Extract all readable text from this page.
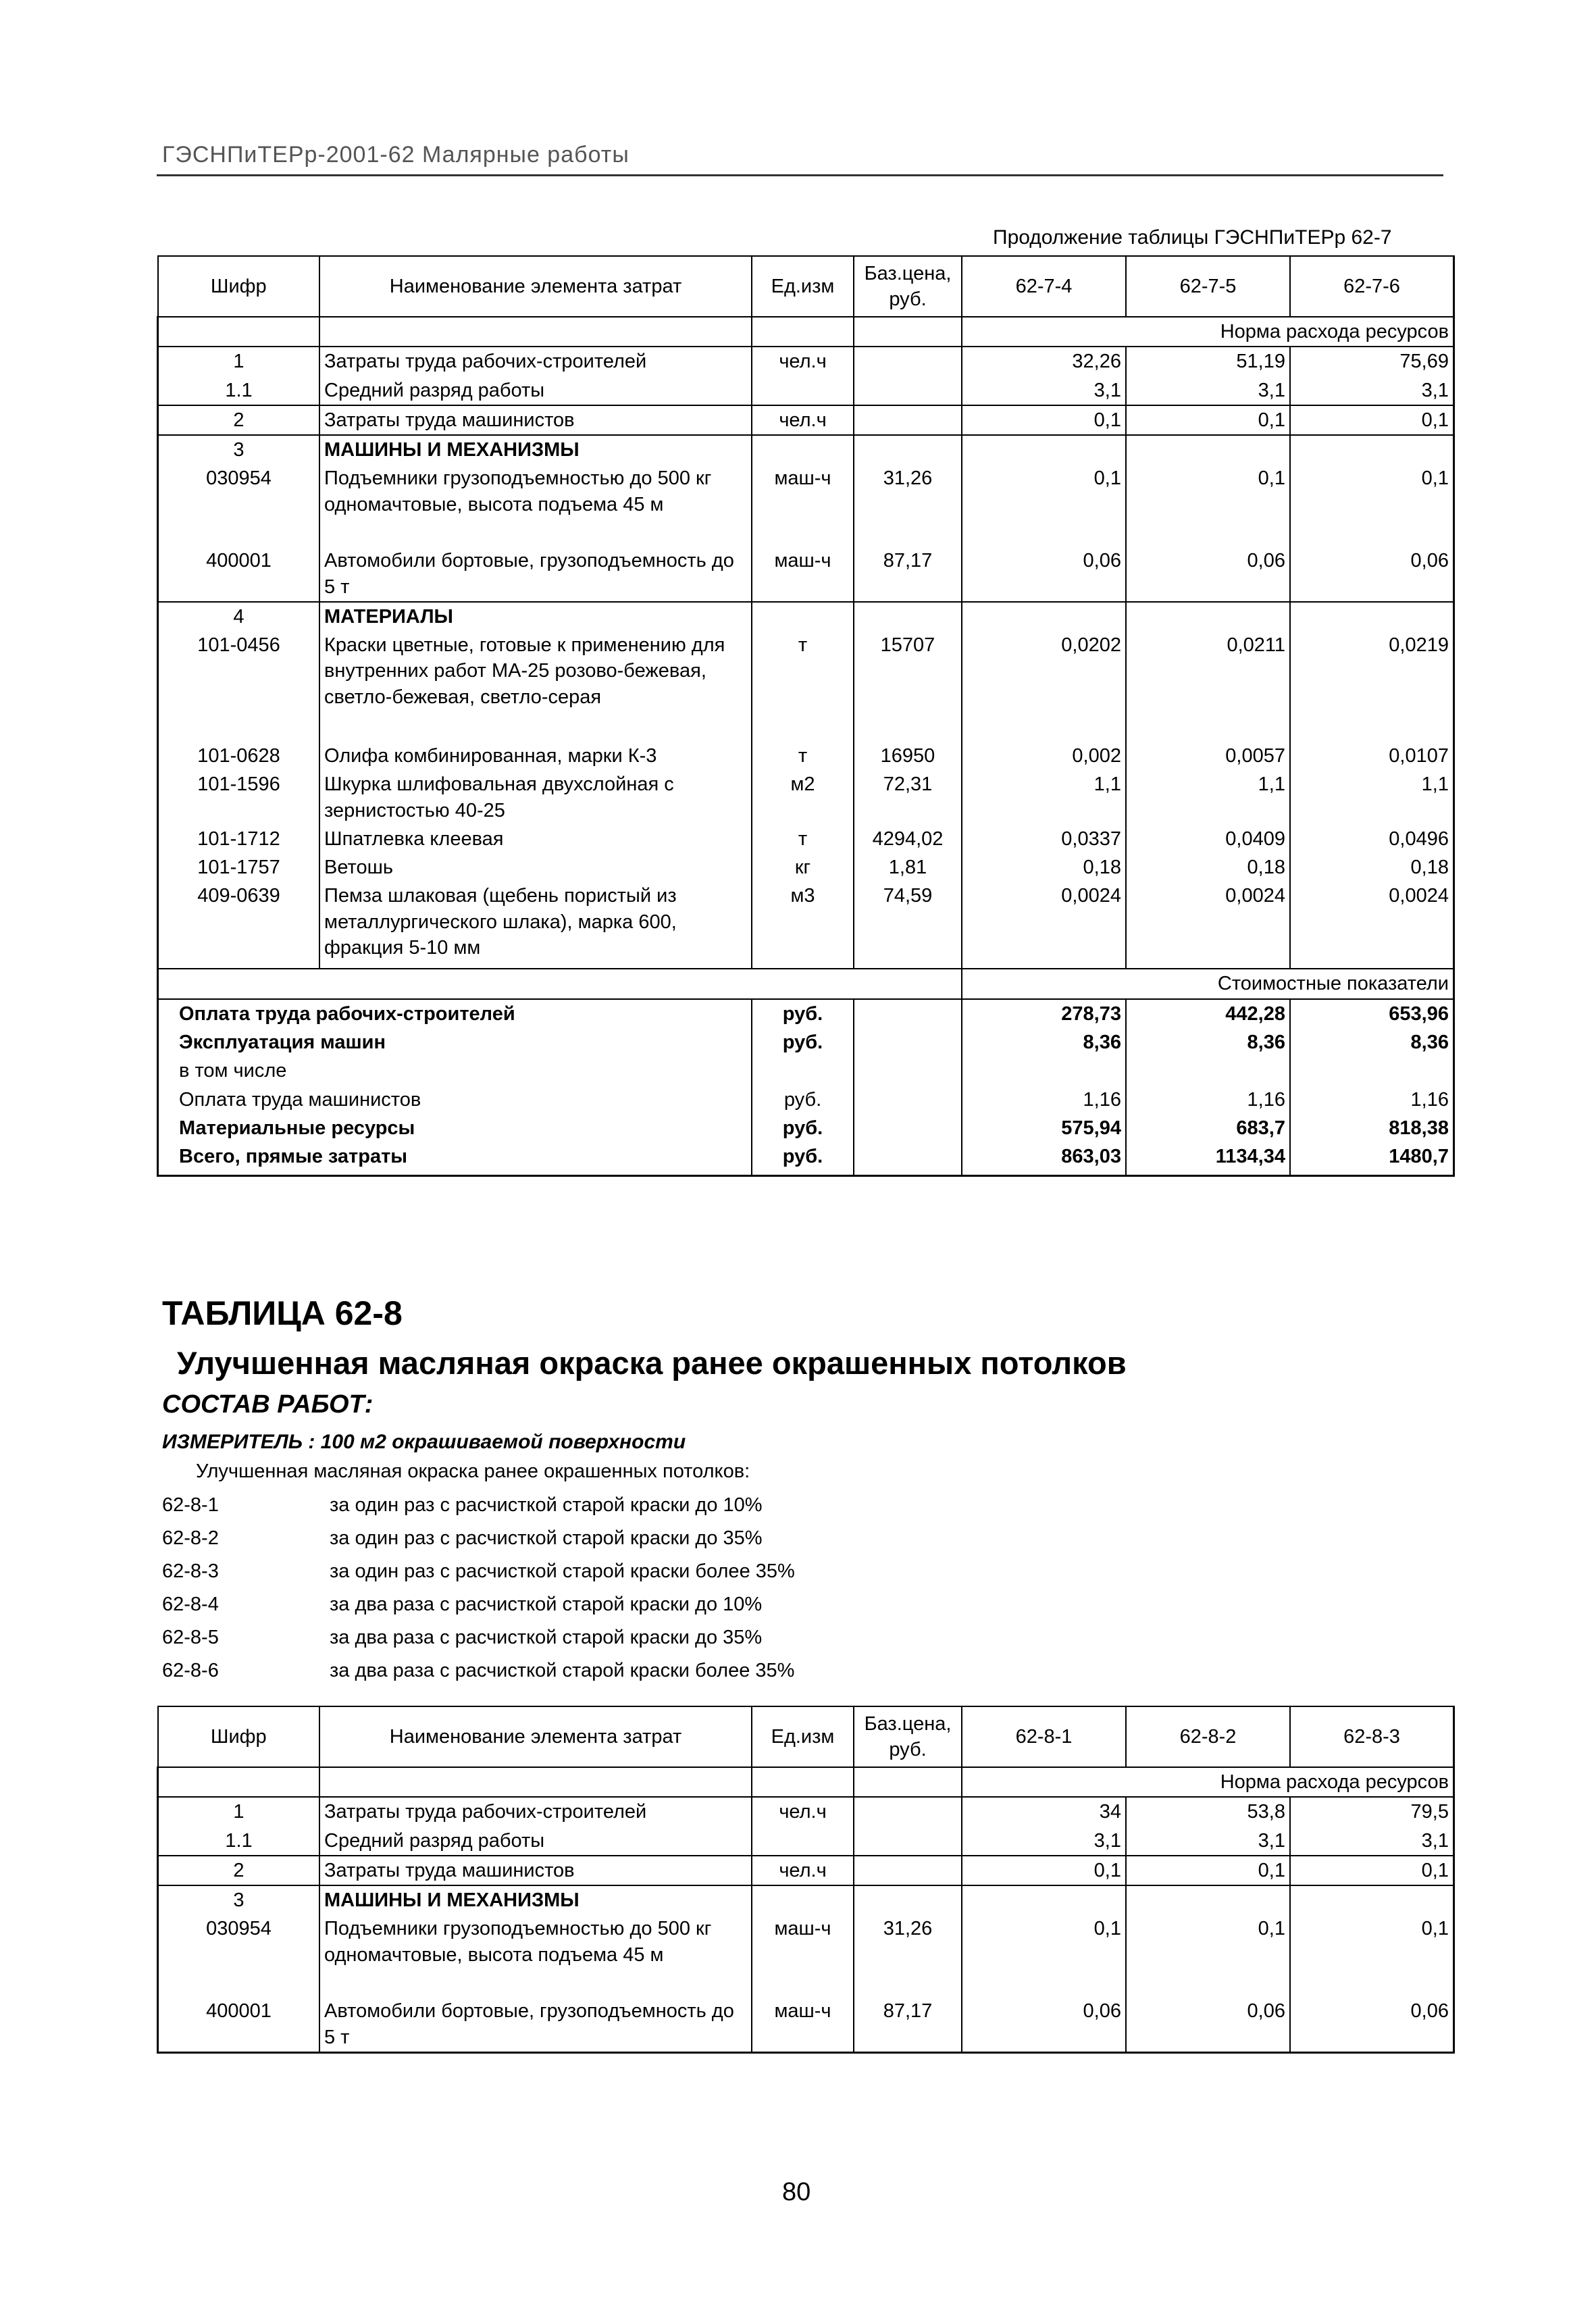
ГЭСНПиТЕРр-2001-62 Малярные работы
Продолжение таблицы ГЭСНПиТЕРр 62-7
Шифр	Наименование элемента затрат	Ед.изм	Баз.цена, руб.	62-7-4	62-7-5	62-7-6
				Норма расхода ресурсов		
1	Затраты труда рабочих-строителей	чел.ч		32,26	51,19	75,69
1.1	Средний разряд работы			3,1	3,1	3,1
2	Затраты труда машинистов	чел.ч		0,1	0,1	0,1
3	МАШИНЫ И МЕХАНИЗМЫ					
030954	Подъемники грузоподъемностью до 500 кг одномачтовые, высота подъема 45 м	маш-ч	31,26	0,1	0,1	0,1
400001	Автомобили бортовые, грузоподъемность до 5 т	маш-ч	87,17	0,06	0,06	0,06
4	МАТЕРИАЛЫ					
101-0456	Краски цветные, готовые к применению для внутренних работ МА-25 розово-бежевая, светло-бежевая, светло-серая	т	15707	0,0202	0,0211	0,0219
101-0628	Олифа комбинированная, марки К-3	т	16950	0,002	0,0057	0,0107
101-1596	Шкурка шлифовальная двухслойная с зернистостью 40-25	м2	72,31	1,1	1,1	1,1
101-1712	Шпатлевка клеевая	т	4294,02	0,0337	0,0409	0,0496
101-1757	Ветошь	кг	1,81	0,18	0,18	0,18
409-0639	Пемза шлаковая (щебень пористый из металлургического шлака), марка 600, фракция 5-10 мм	м3	74,59	0,0024	0,0024	0,0024
				Стоимостные показатели		
Оплата труда рабочих-строителей		руб.		278,73	442,28	653,96
Эксплуатация машин		руб.		8,36	8,36	8,36
в том числе						
Оплата труда машинистов		руб.		1,16	1,16	1,16
Материальные ресурсы		руб.		575,94	683,7	818,38
Всего, прямые затраты		руб.		863,03	1134,34	1480,7
ТАБЛИЦА 62-8
Улучшенная масляная окраска ранее окрашенных потолков
СОСТАВ РАБОТ:
ИЗМЕРИТЕЛЬ : 100 м2 окрашиваемой поверхности
Улучшенная масляная окраска ранее окрашенных потолков:
62-8-1	за один раз с расчисткой старой краски до 10%
62-8-2	за один раз с расчисткой старой краски до 35%
62-8-3	за один раз с расчисткой старой краски более 35%
62-8-4	за два раза с расчисткой старой краски до 10%
62-8-5	за два раза с расчисткой старой краски до 35%
62-8-6	за два раза с расчисткой старой краски более 35%
Шифр	Наименование элемента затрат	Ед.изм	Баз.цена, руб.	62-8-1	62-8-2	62-8-3
				Норма расхода ресурсов		
1	Затраты труда рабочих-строителей	чел.ч		34	53,8	79,5
1.1	Средний разряд работы			3,1	3,1	3,1
2	Затраты труда машинистов	чел.ч		0,1	0,1	0,1
3	МАШИНЫ И МЕХАНИЗМЫ					
030954	Подъемники грузоподъемностью до 500 кг одномачтовые, высота подъема 45 м	маш-ч	31,26	0,1	0,1	0,1
400001	Автомобили бортовые, грузоподъемность до 5 т	маш-ч	87,17	0,06	0,06	0,06
80
